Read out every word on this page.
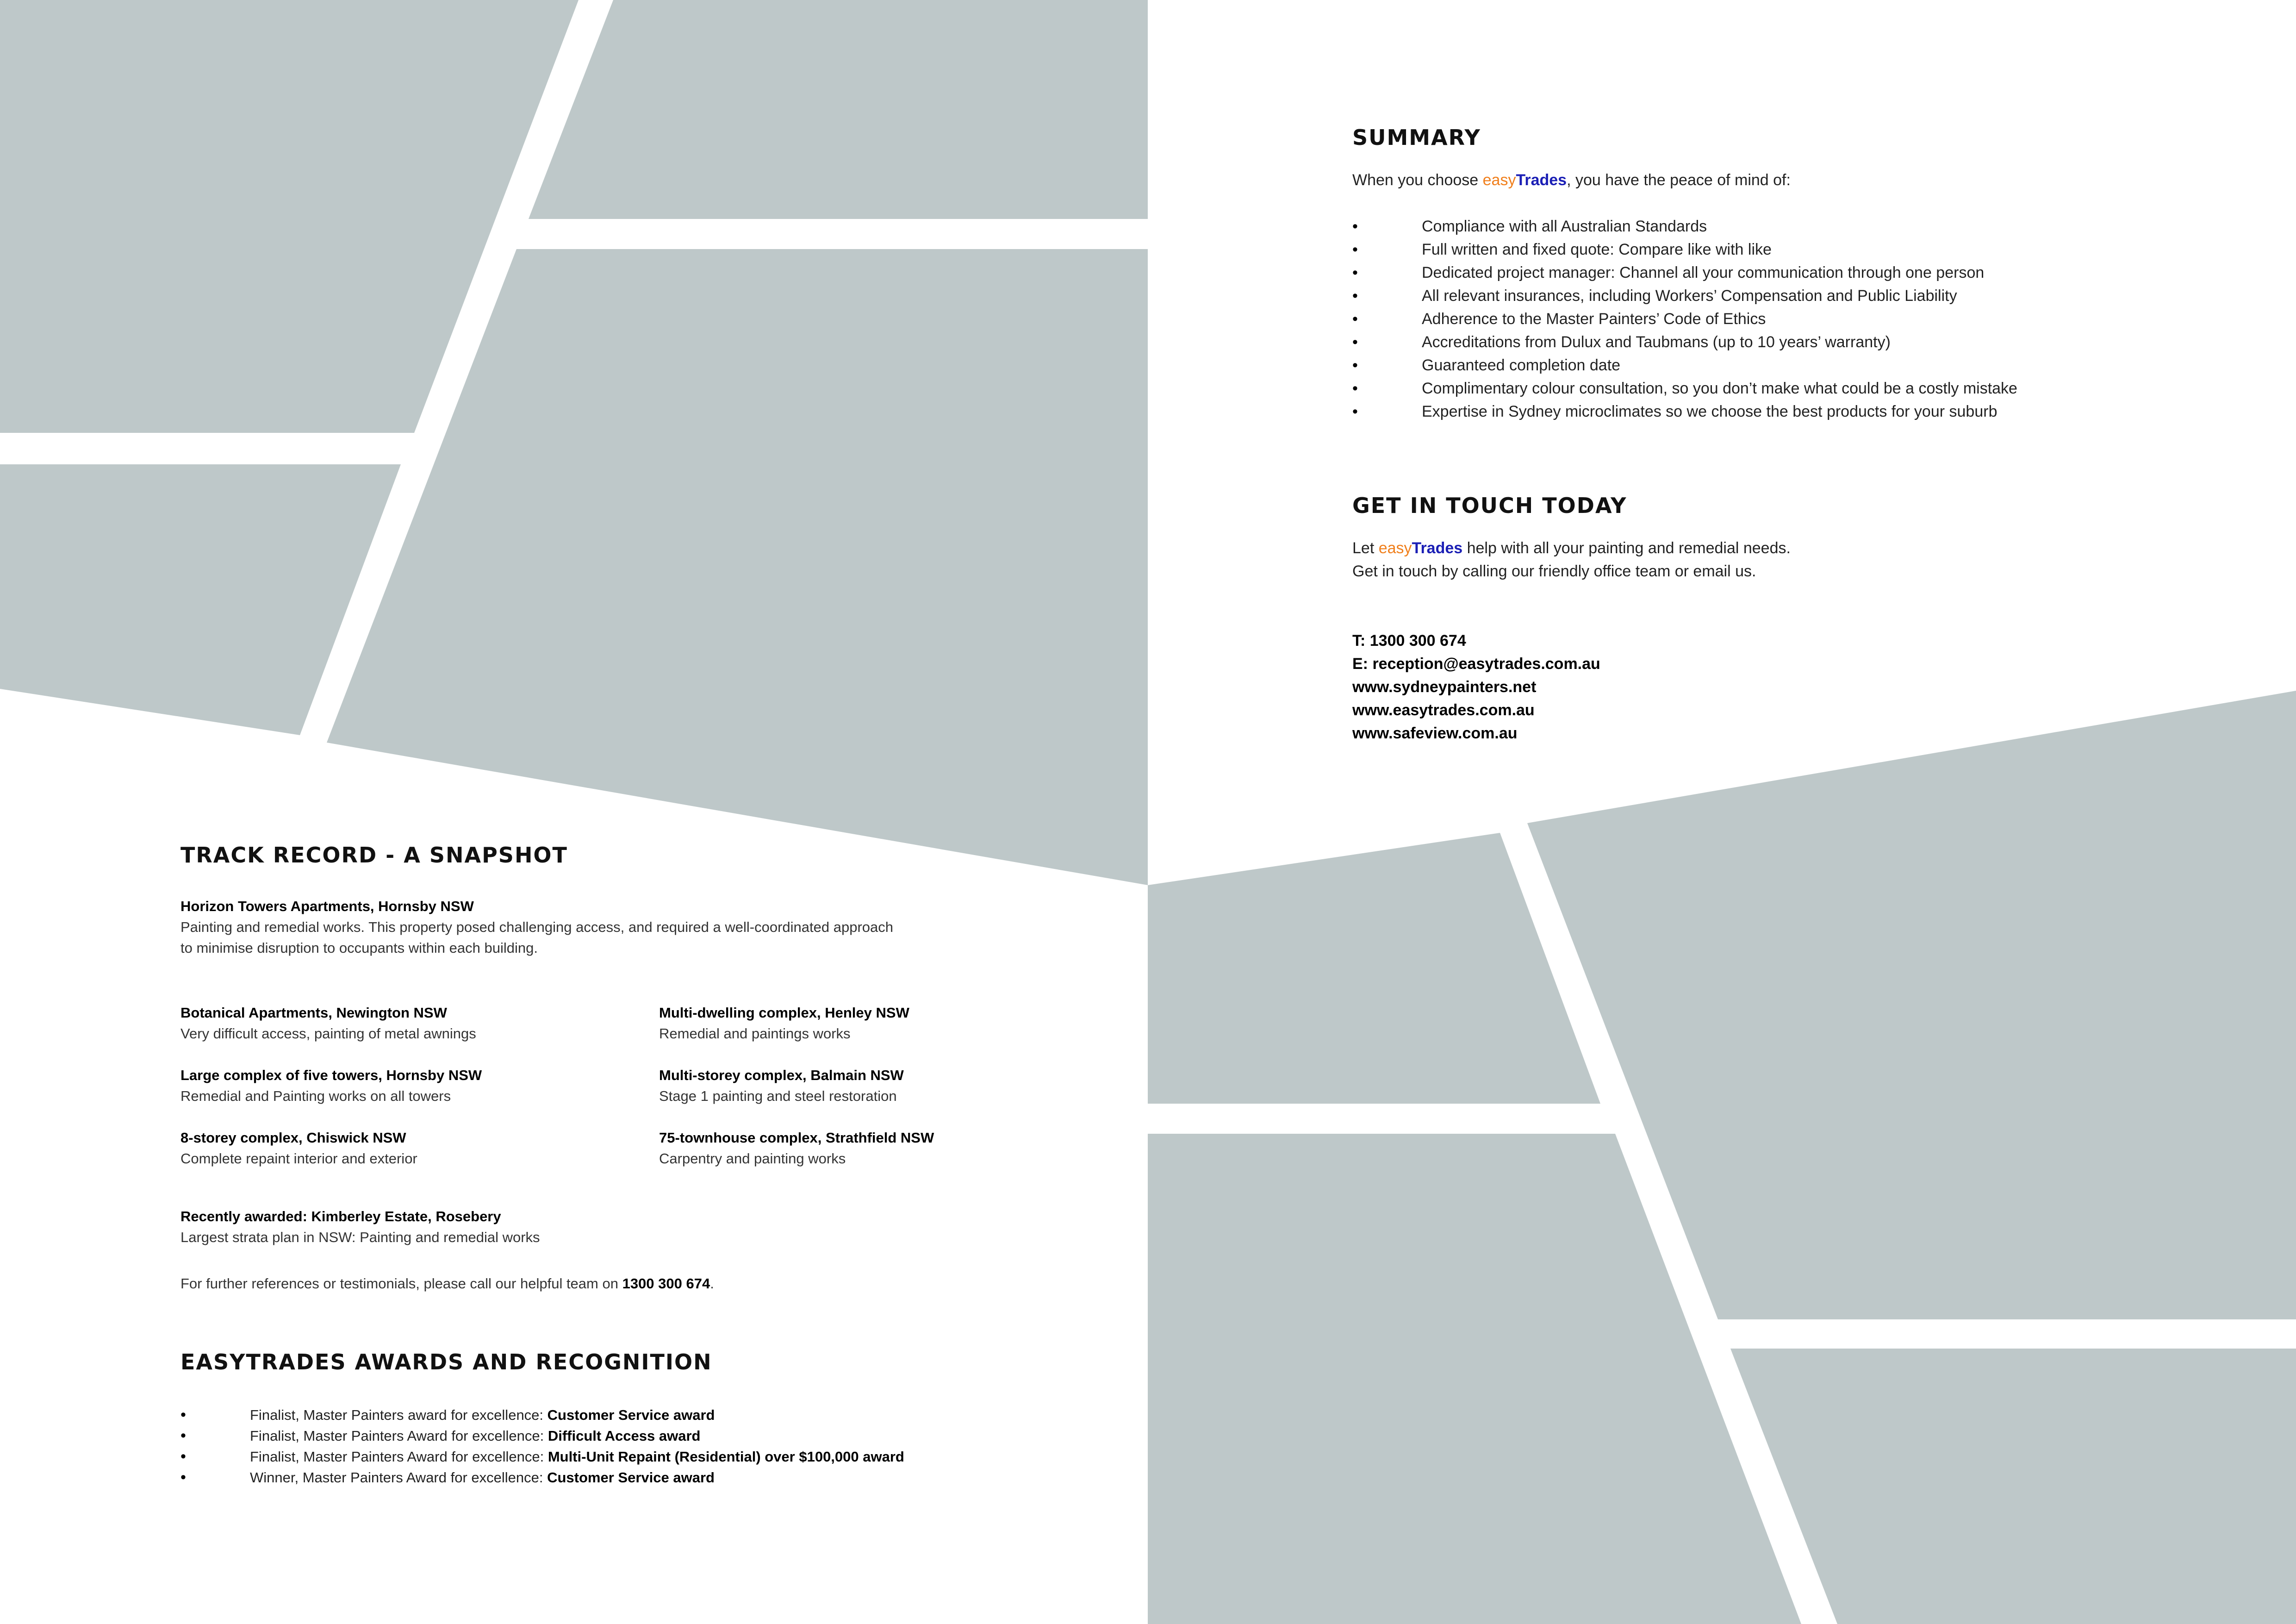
SUMMARY
When you choose easyTrades, you have the peace of mind of:
• Compliance with all Australian Standards
• Full written and fixed quote: Compare like with like
• Dedicated project manager: Channel all your communication through one person
• All relevant insurances, including Workers’ Compensation and Public Liability
• Adherence to the Master Painters’ Code of Ethics
• Accreditations from Dulux and Taubmans (up to 10 years’ warranty)
• Guaranteed completion date
• Complimentary colour consultation, so you don’t make what could be a costly mistake
• Expertise in Sydney microclimates so we choose the best products for your suburb
GET IN TOUCH TODAY
Let easyTrades help with all your painting and remedial needs.
Get in touch by calling our friendly office team or email us.
T: 1300 300 674
E: reception@easytrades.com.au
www.sydneypainters.net
www.easytrades.com.au
www.safeview.com.au
TRACK RECORD - A SNAPSHOT
Horizon Towers Apartments, Hornsby NSW
Painting and remedial works. This property posed challenging access, and required a well-coordinated approach
to minimise disruption to occupants within each building.
Botanical Apartments, Newington NSW
Very difficult access, painting of metal awnings
Multi-dwelling complex, Henley NSW
Remedial and paintings works
Large complex of five towers, Hornsby NSW
Remedial and Painting works on all towers
Multi-storey complex, Balmain NSW
Stage 1 painting and steel restoration
8-storey complex, Chiswick NSW
Complete repaint interior and exterior
75-townhouse complex, Strathfield NSW
Carpentry and painting works
Recently awarded: Kimberley Estate, Rosebery
Largest strata plan in NSW: Painting and remedial works
For further references or testimonials, please call our helpful team on 1300 300 674.
EASYTRADES AWARDS AND RECOGNITION
• Finalist, Master Painters award for excellence: Customer Service award
• Finalist, Master Painters Award for excellence: Difficult Access award
• Finalist, Master Painters Award for excellence: Multi-Unit Repaint (Residential) over $100,000 award
• Winner, Master Painters Award for excellence: Customer Service award
